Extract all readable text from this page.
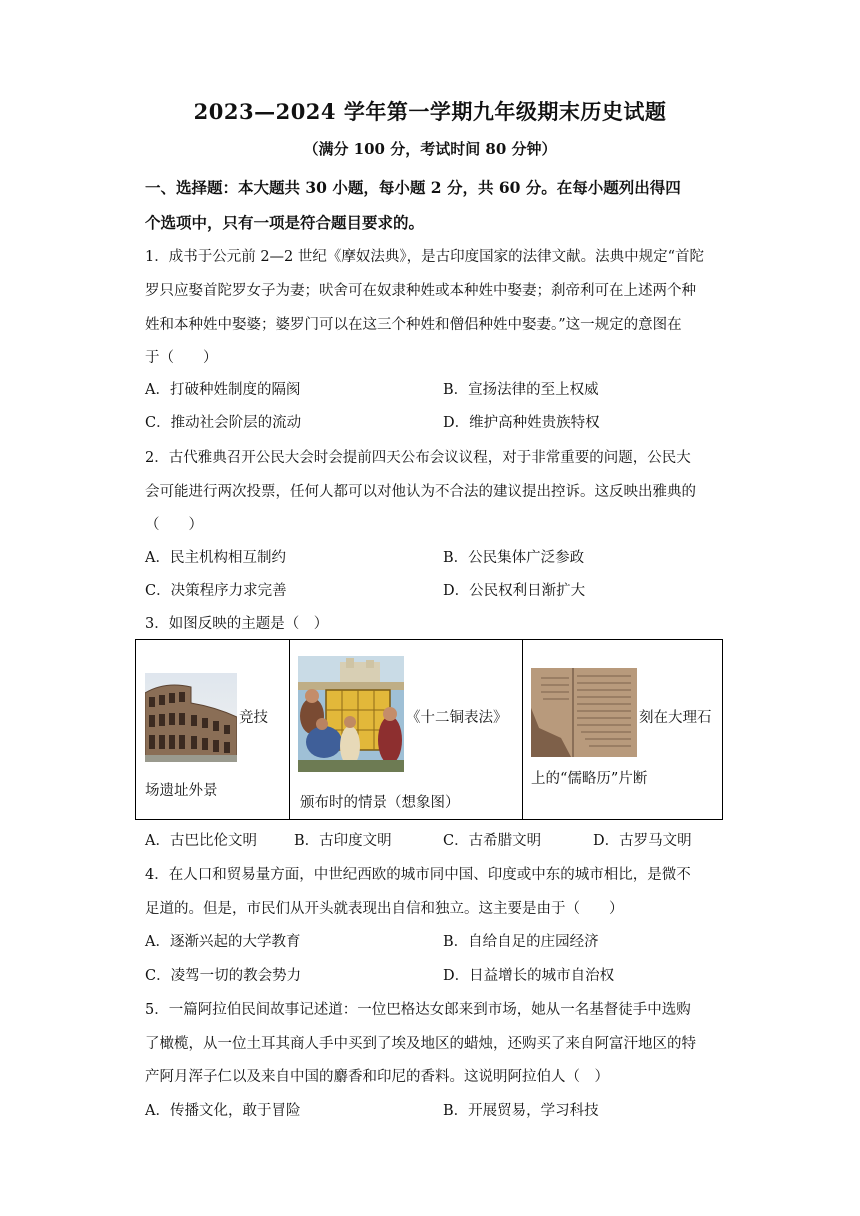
2023—2024 学年第一学期九年级期末历史试题
（满分 100 分，考试时间 80 分钟）
一、选择题：本大题共 30 小题，每小题 2 分，共 60 分。在每小题列出得四
个选项中，只有一项是符合题目要求的。
1．成书于公元前 2—2 世纪《摩奴法典》，是古印度国家的法律文献。法典中规定“首陀
罗只应娶首陀罗女子为妻；吠舍可在奴隶种姓或本种姓中娶妻；刹帝利可在上述两个种
姓和本种姓中娶婆；婆罗门可以在这三个种姓和僧侣种姓中娶妻。”这一规定的意图在
于（　　）
A．打破种姓制度的隔阂	B．宣扬法律的至上权威
C．推动社会阶层的流动	D．维护高种姓贵族特权
2．古代雅典召开公民大会时会提前四天公布会议议程，对于非常重要的问题，公民大
会可能进行两次投票，任何人都可以对他认为不合法的建议提出控诉。这反映出雅典的
（　　）
A．民主机构相互制约	B．公民集体广泛参政
C．决策程序力求完善	D．公民权利日渐扩大
3．如图反映的主题是（　）
竞技
场遗址外景
《十二铜表法》
颁布时的情景（想象图）
刻在大理石
上的“儒略历”片断
A．古巴比伦文明	B．古印度文明	C．古希腊文明	D．古罗马文明
4．在人口和贸易量方面，中世纪西欧的城市同中国、印度或中东的城市相比，是微不
足道的。但是，市民们从开头就表现出自信和独立。这主要是由于（　　）
A．逐渐兴起的大学教育	B．自给自足的庄园经济
C．凌驾一切的教会势力	D．日益增长的城市自治权
5．一篇阿拉伯民间故事记述道：一位巴格达女郎来到市场，她从一名基督徒手中选购
了橄榄，从一位土耳其商人手中买到了埃及地区的蜡烛，还购买了来自阿富汗地区的特
产阿月浑子仁以及来自中国的麝香和印尼的香料。这说明阿拉伯人（　）
A．传播文化，敢于冒险	B．开展贸易，学习科技
